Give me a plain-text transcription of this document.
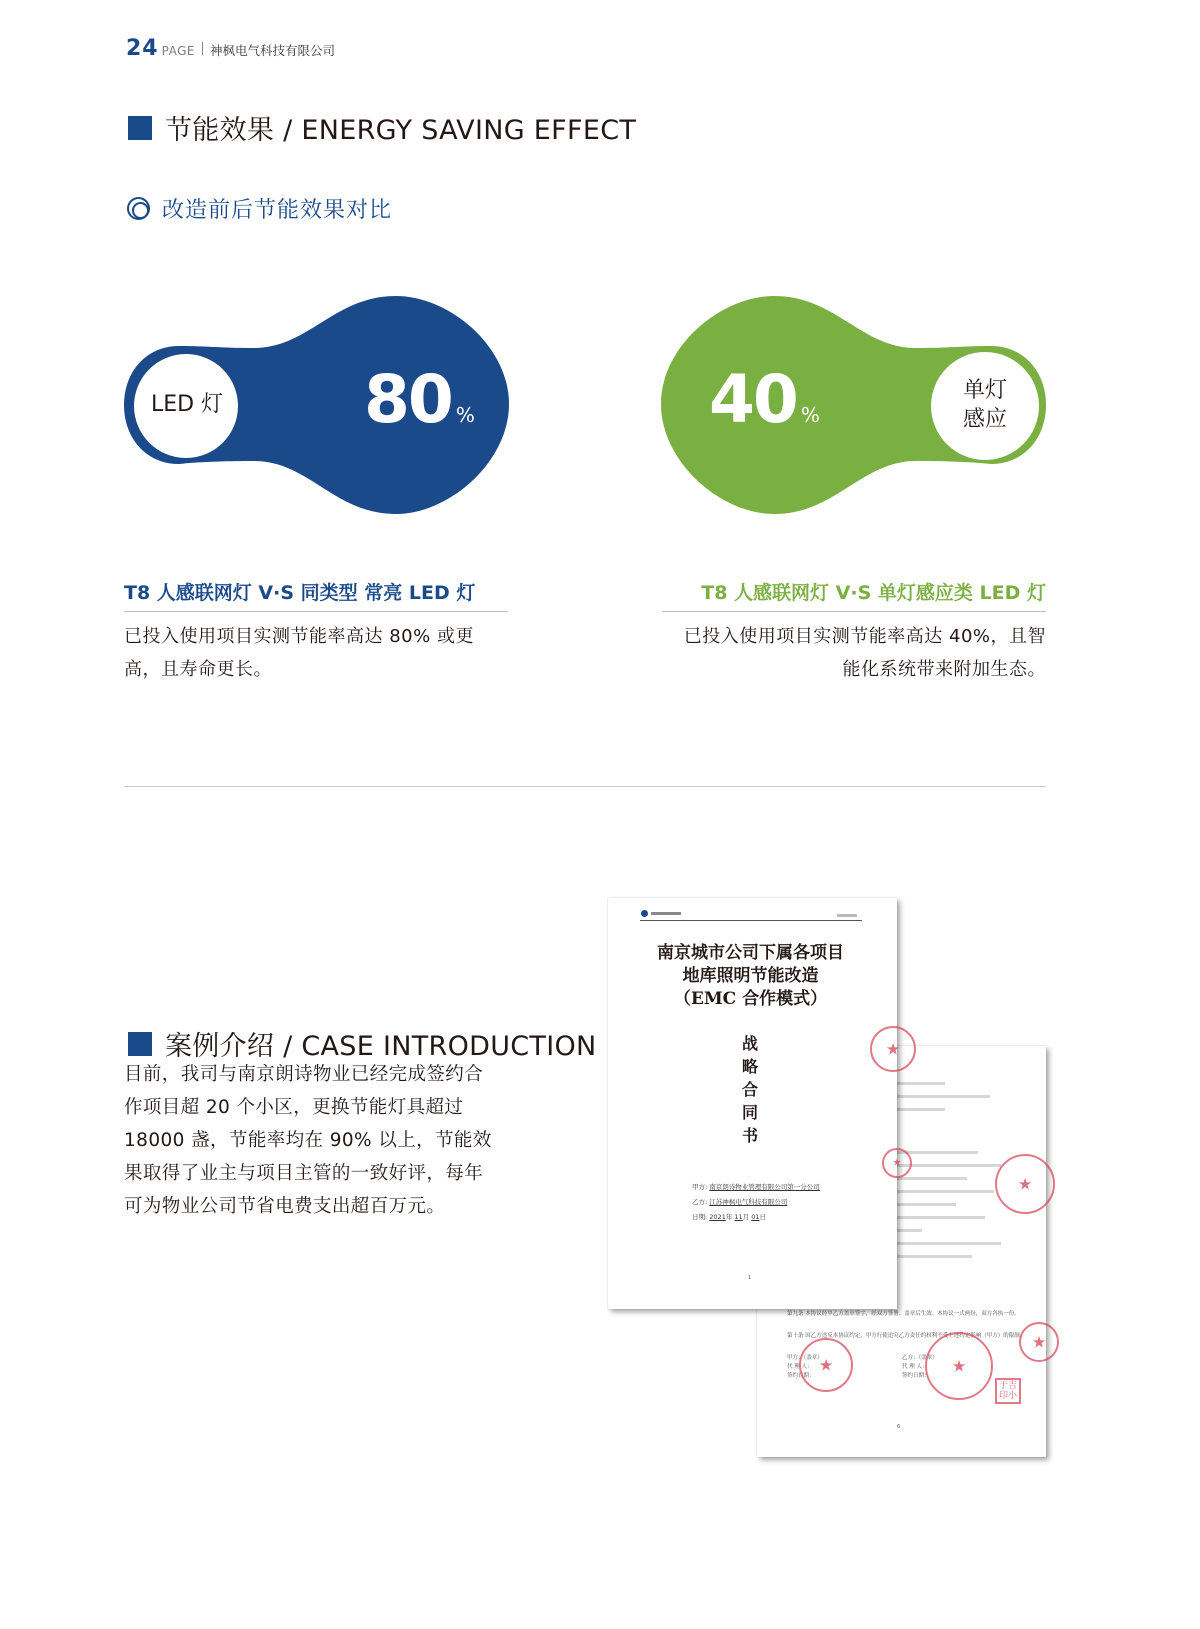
24 PAGE 神枫电气科技有限公司
节能效果 / ENERGY SAVING EFFECT
改造前后节能效果对比
LED 灯 80 %	40 %
单灯
感应
T8 人感联网灯 V·S 同类型 常亮 LED 灯
已投入使用项目实测节能率高达 80% 或更高，且寿命更长。
T8 人感联网灯 V·S 单灯感应类 LED 灯
已投入使用项目实测节能率高达 40%，且智
能化系统带来附加生态。
案例介绍 / CASE INTRODUCTION
目前，我司与南京朗诗物业已经完成签约合作项目超 20 个小区，更换节能灯具超过 18000 盏，节能率均在 90% 以上，节能效果取得了业主与项目主管的一致好评，每年可为物业公司节省电费支出超百万元。
★
第九条 本协议经甲乙方盖章签字，经双方签署、盖章后生效。本协议一式两份，双方各执一份。
第十条 因乙方违反本协议约定，甲方行使追究乙方责任的权利不受上述约定影响（甲方）的限制。
甲方：（盖章）
代 理 人：
签约日期：
乙方：（盖章）
代 理 人：
签约日期：
★	★
★
于吉印小
6
南京城市公司下属各项目
地库照明节能改造
（EMC 合作模式）
战
略
合
同
书
★
★
甲方: 南京朗诗物业管理有限公司第一分公司
乙方: 江苏神枫电气科技有限公司
日期: 2021年 11月 01日
1
